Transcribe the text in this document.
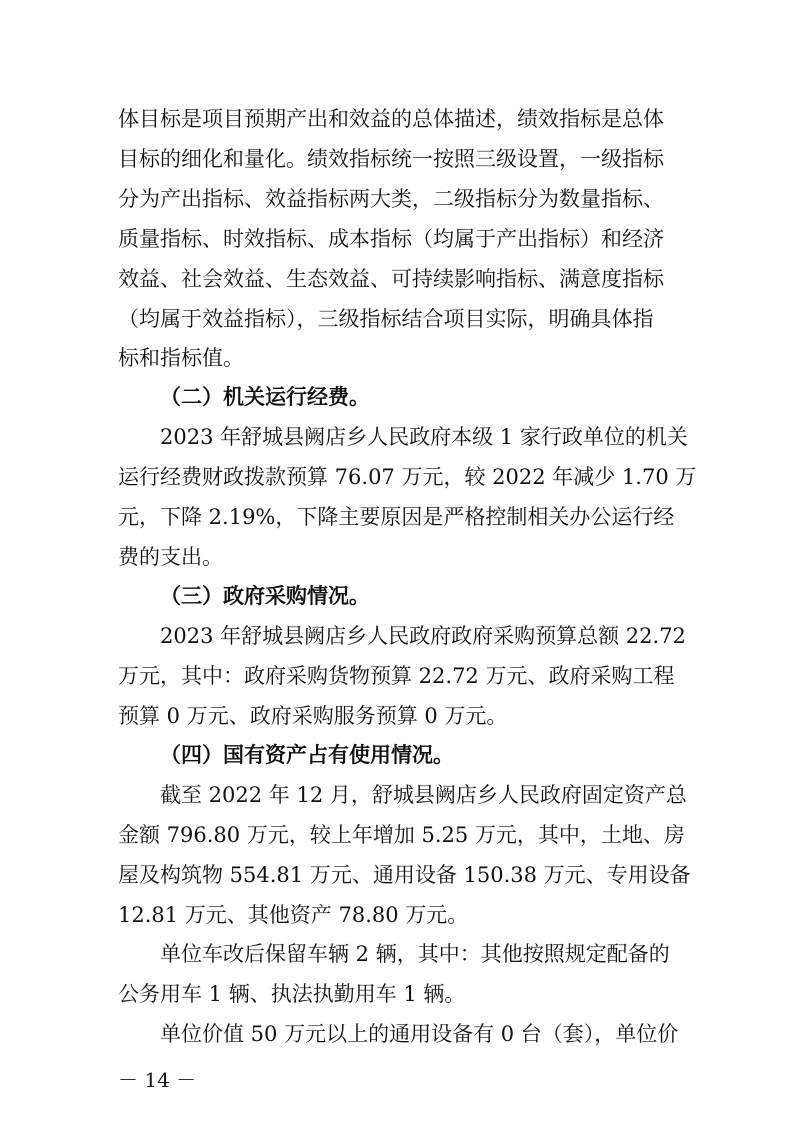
体目标是项目预期产出和效益的总体描述，绩效指标是总体
目标的细化和量化。绩效指标统一按照三级设置，一级指标
分为产出指标、效益指标两大类，二级指标分为数量指标、
质量指标、时效指标、成本指标（均属于产出指标）和经济
效益、社会效益、生态效益、可持续影响指标、满意度指标
（均属于效益指标），三级指标结合项目实际，明确具体指
标和指标值。
（二）机关运行经费。
2023 年舒城县阙店乡人民政府本级 1 家行政单位的机关
运行经费财政拨款预算 76.07 万元，较 2022 年减少 1.70 万
元，下降 2.19%，下降主要原因是严格控制相关办公运行经
费的支出。
（三）政府采购情况。
2023 年舒城县阙店乡人民政府政府采购预算总额 22.72
万元，其中：政府采购货物预算 22.72 万元、政府采购工程
预算 0 万元、政府采购服务预算 0 万元。
（四）国有资产占有使用情况。
截至 2022 年 12 月，舒城县阙店乡人民政府固定资产总
金额 796.80 万元，较上年增加 5.25 万元，其中，土地、房
屋及构筑物 554.81 万元、通用设备 150.38 万元、专用设备
12.81 万元、其他资产 78.80 万元。
单位车改后保留车辆 2 辆，其中：其他按照规定配备的
公务用车 1 辆、执法执勤用车 1 辆。
单位价值 50 万元以上的通用设备有 0 台（套），单位价
－ 14 －
